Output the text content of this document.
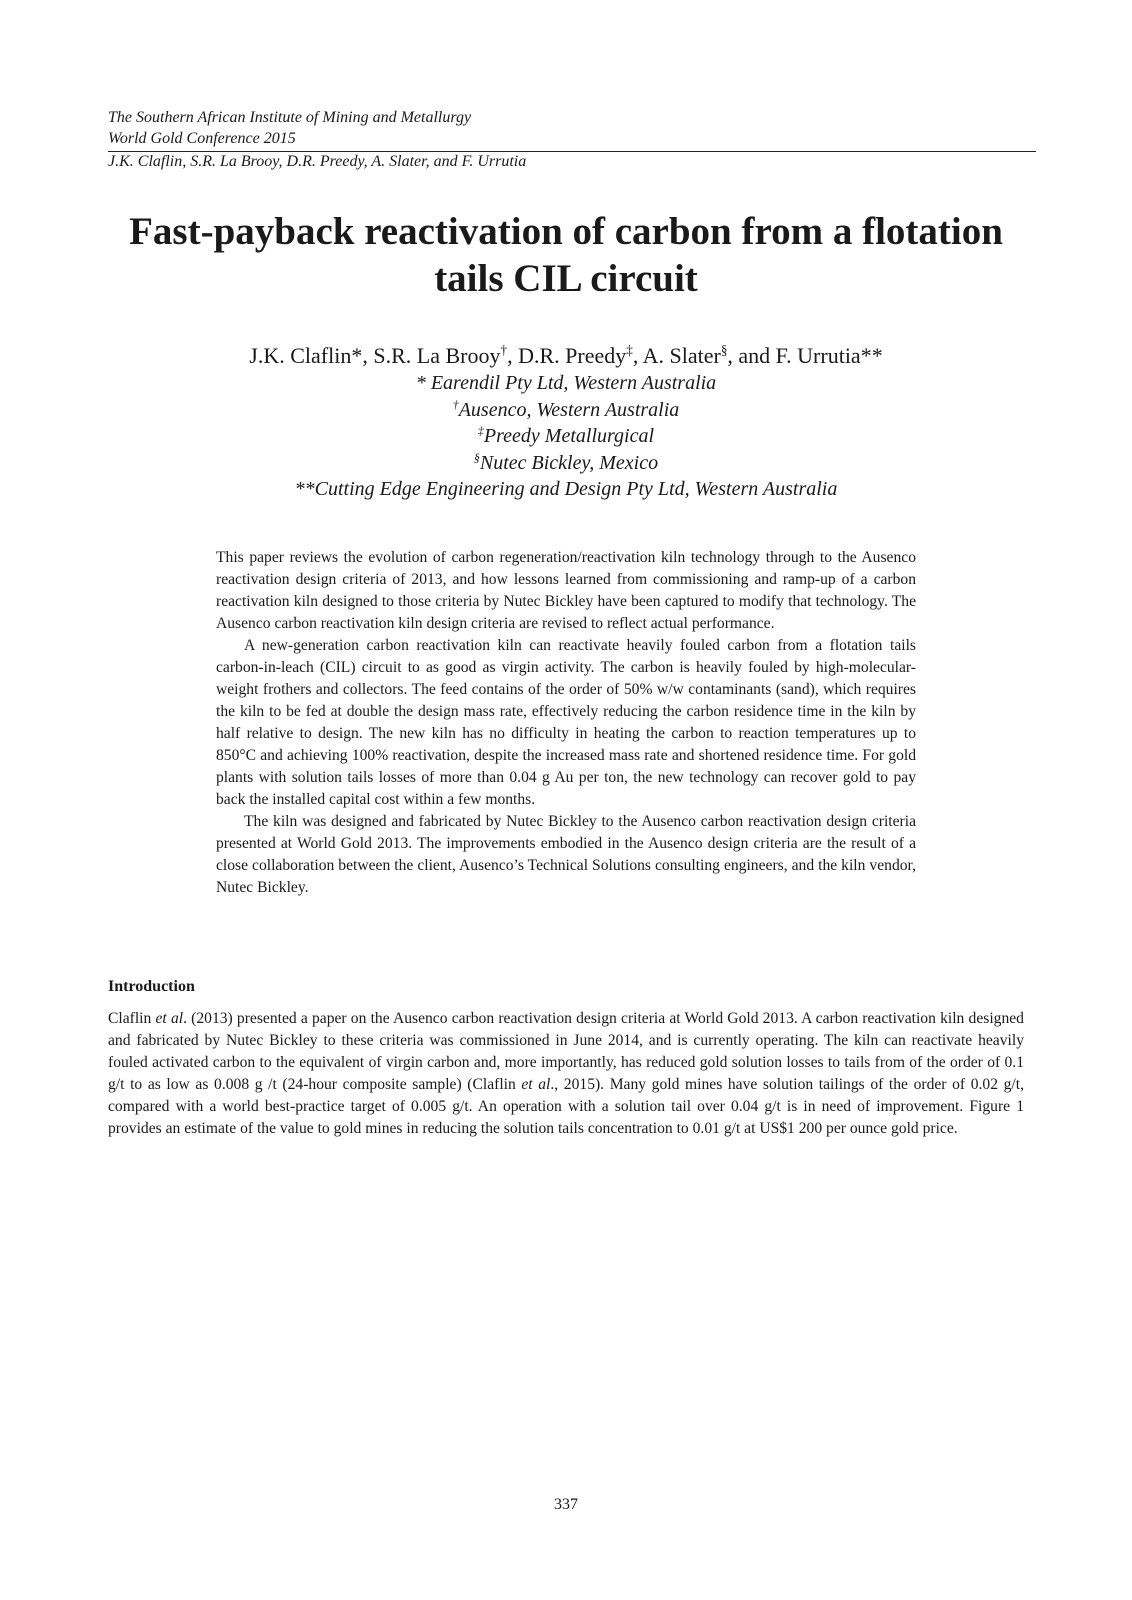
The Southern African Institute of Mining and Metallurgy
World Gold Conference 2015
J.K. Claflin, S.R. La Brooy, D.R. Preedy, A. Slater, and F. Urrutia
Fast-payback reactivation of carbon from a flotation
tails CIL circuit
J.K. Claflin*, S.R. La Brooy†, D.R. Preedy‡, A. Slater§, and F. Urrutia**
* Earendil Pty Ltd, Western Australia
†Ausenco, Western Australia
‡Preedy Metallurgical
§Nutec Bickley, Mexico
**Cutting Edge Engineering and Design Pty Ltd, Western Australia

This paper reviews the evolution of carbon regeneration/reactivation kiln technology through to the Ausenco reactivation design criteria of 2013, and how lessons learned from commissioning and ramp-up of a carbon reactivation kiln designed to those criteria by Nutec Bickley have been captured to modify that technology. The Ausenco carbon reactivation kiln design criteria are revised to reflect actual performance.

A new-generation carbon reactivation kiln can reactivate heavily fouled carbon from a flotation tails carbon-in-leach (CIL) circuit to as good as virgin activity. The carbon is heavily fouled by high-molecular-weight frothers and collectors. The feed contains of the order of 50% w/w contaminants (sand), which requires the kiln to be fed at double the design mass rate, effectively reducing the carbon residence time in the kiln by half relative to design. The new kiln has no difficulty in heating the carbon to reaction temperatures up to 850°C and achieving 100% reactivation, despite the increased mass rate and shortened residence time. For gold plants with solution tails losses of more than 0.04 g Au per ton, the new technology can recover gold to pay back the installed capital cost within a few months.

The kiln was designed and fabricated by Nutec Bickley to the Ausenco carbon reactivation design criteria presented at World Gold 2013. The improvements embodied in the Ausenco design criteria are the result of a close collaboration between the client, Ausenco’s Technical Solutions consulting engineers, and the kiln vendor, Nutec Bickley.

Introduction

Claflin et al. (2013) presented a paper on the Ausenco carbon reactivation design criteria at World Gold 2013. A carbon reactivation kiln designed and fabricated by Nutec Bickley to these criteria was commissioned in June 2014, and is currently operating. The kiln can reactivate heavily fouled activated carbon to the equivalent of virgin carbon and, more importantly, has reduced gold solution losses to tails from of the order of 0.1 g/t to as low as 0.008 g /t (24-hour composite sample) (Claflin et al., 2015). Many gold mines have solution tailings of the order of 0.02 g/t, compared with a world best-practice target of 0.005 g/t. An operation with a solution tail over 0.04 g/t is in need of improvement. Figure 1 provides an estimate of the value to gold mines in reducing the solution tails concentration to 0.01 g/t at US$1 200 per ounce gold price.

337
